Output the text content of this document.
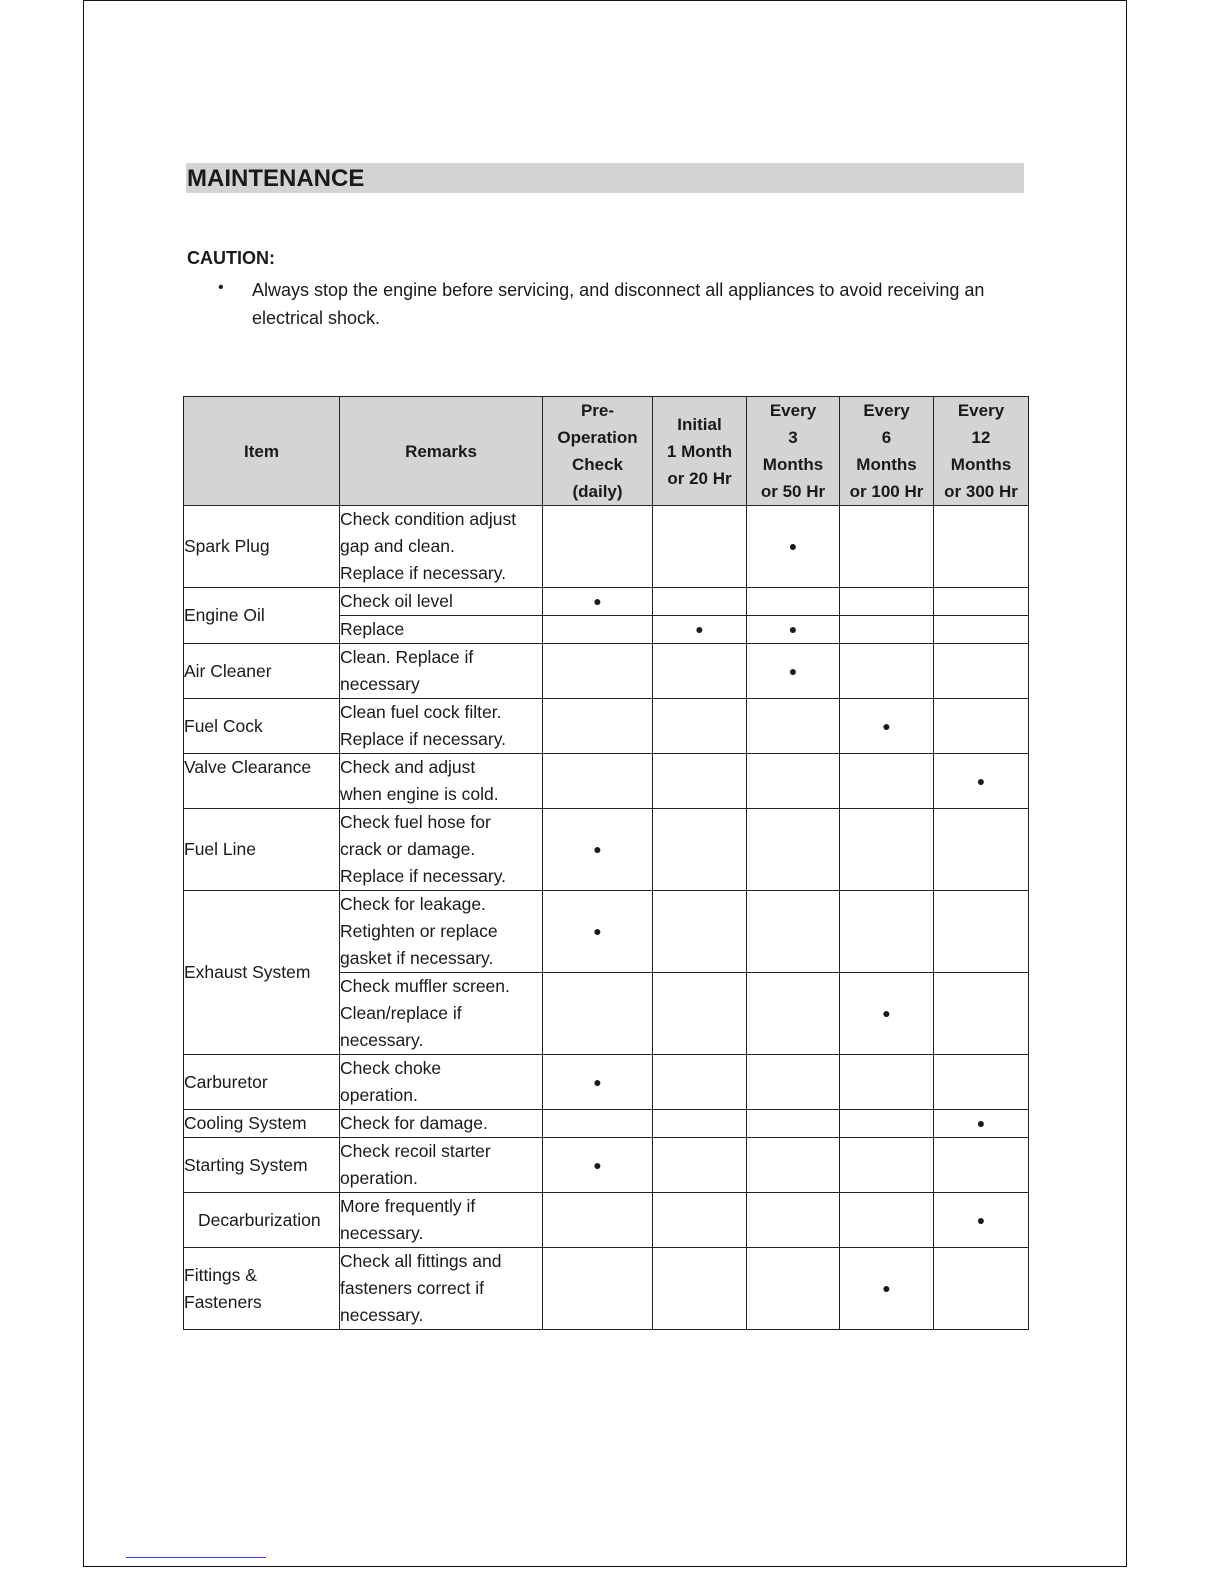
MAINTENANCE
CAUTION:
• Always stop the engine before servicing, and disconnect all appliances to avoid receiving an electrical shock.
Item	Remarks	Pre-
Operation
Check
(daily)	Initial
1 Month
or 20 Hr	Every
3
Months
or 50 Hr	Every
6
Months
or 100 Hr	Every
12
Months
or 300 Hr

Spark Plug	Check condition adjust
gap and clean.
Replace if necessary.			●		
Engine Oil	Check oil level	●				
	Replace		●	●		
Air Cleaner	Clean. Replace if
necessary			●		
Fuel Cock	Clean fuel cock filter.
Replace if necessary.				●	
Valve Clearance	Check and adjust
when engine is cold.					●
Fuel Line	Check fuel hose for
crack or damage.
Replace if necessary.	●				
Exhaust System	Check for leakage.
Retighten or replace
gasket if necessary.	●				
	Check muffler screen.
Clean/replace if
necessary.				●	
Carburetor	Check choke
operation.	●				
Cooling System	Check for damage.					●
Starting System	Check recoil starter
operation.	●				
Decarburization	More frequently if
necessary.					●
Fittings &
Fasteners	Check all fittings and
fasteners correct if
necessary.				●	
